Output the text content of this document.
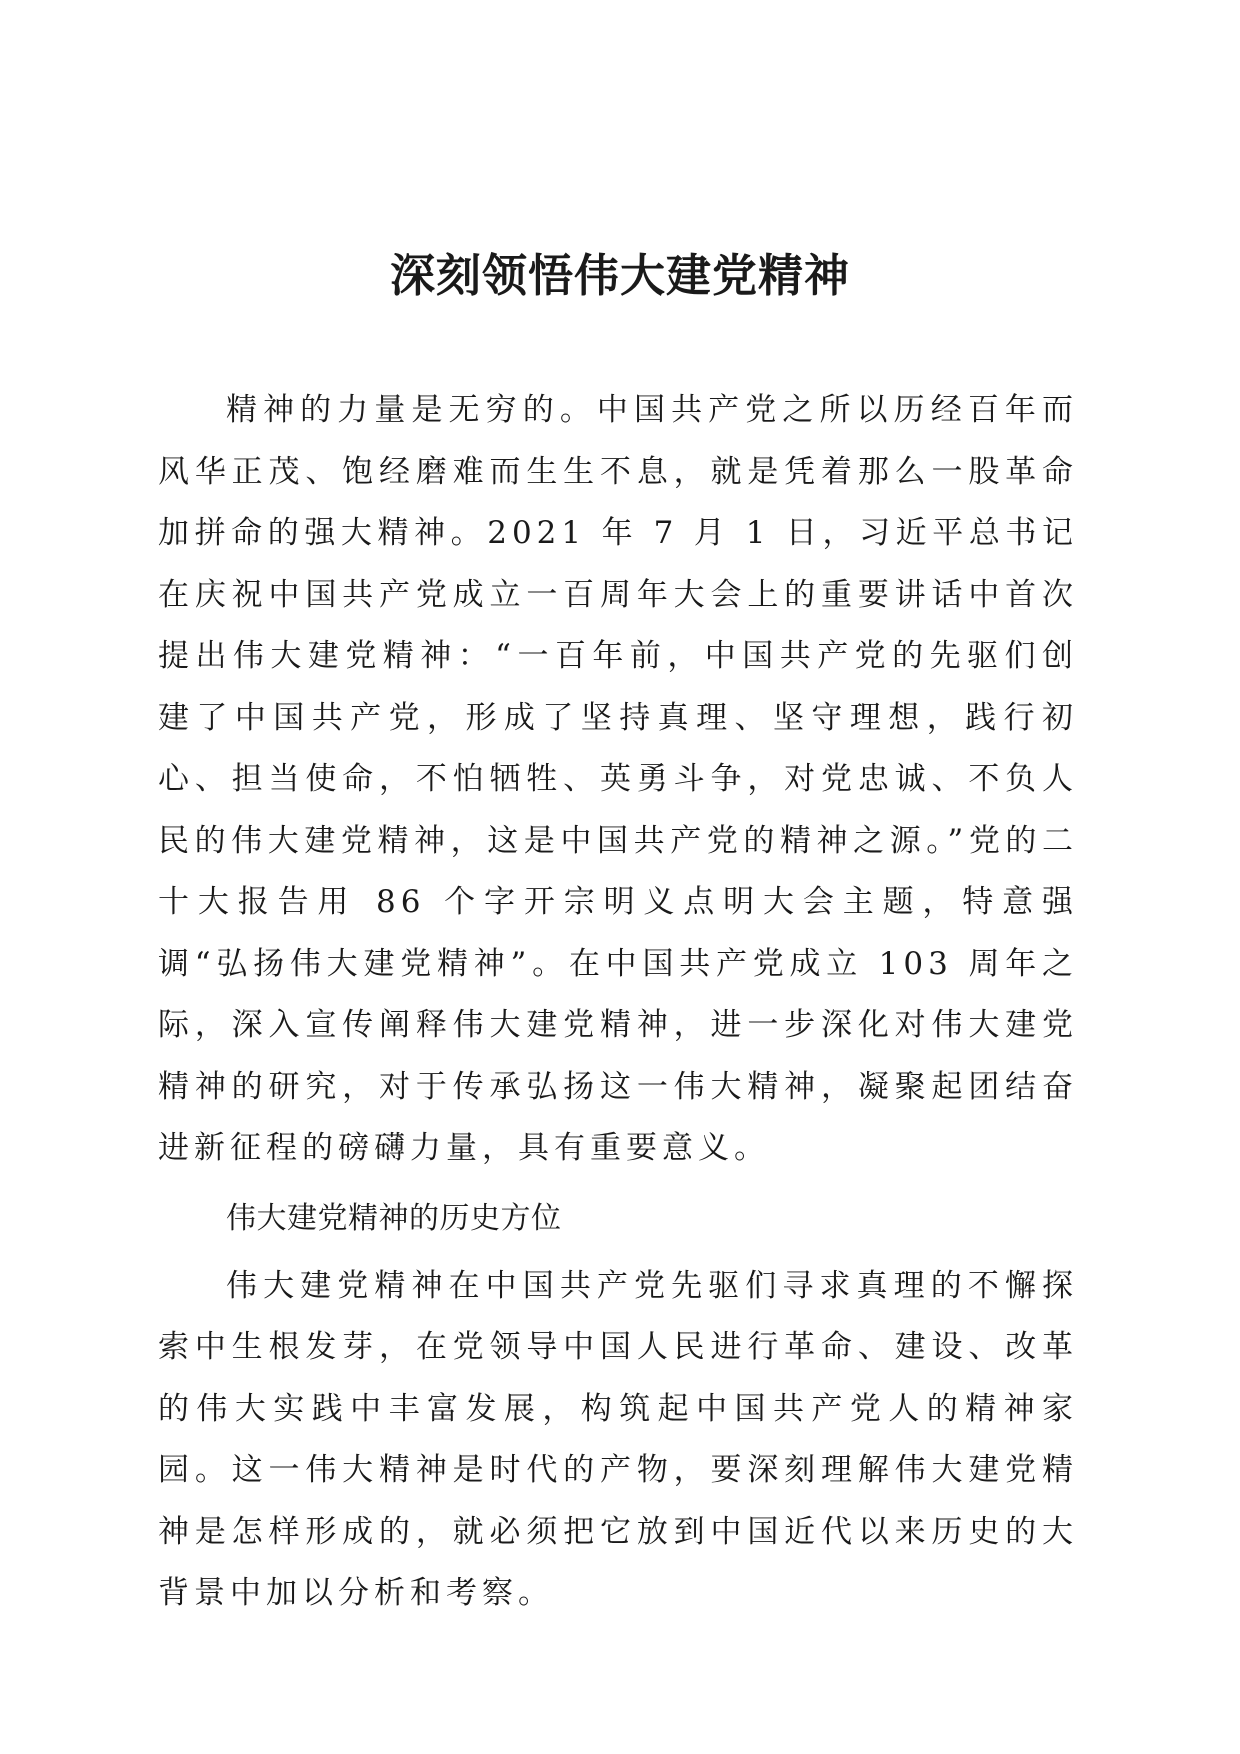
深刻领悟伟大建党精神

精神的力量是无穷的。中国共产党之所以历经百年而风华正茂、饱经磨难而生生不息，就是凭着那么一股革命加拼命的强大精神。2021 年 7 月 1 日，习近平总书记在庆祝中国共产党成立一百周年大会上的重要讲话中首次提出伟大建党精神：“一百年前，中国共产党的先驱们创建了中国共产党，形成了坚持真理、坚守理想，践行初心、担当使命，不怕牺牲、英勇斗争，对党忠诚、不负人民的伟大建党精神，这是中国共产党的精神之源。”党的二十大报告用 86 个字开宗明义点明大会主题，特意强调“弘扬伟大建党精神”。在中国共产党成立 103 周年之际，深入宣传阐释伟大建党精神，进一步深化对伟大建党精神的研究，对于传承弘扬这一伟大精神，凝聚起团结奋进新征程的磅礴力量，具有重要意义。

伟大建党精神的历史方位

伟大建党精神在中国共产党先驱们寻求真理的不懈探索中生根发芽，在党领导中国人民进行革命、建设、改革的伟大实践中丰富发展，构筑起中国共产党人的精神家园。这一伟大精神是时代的产物，要深刻理解伟大建党精神是怎样形成的，就必须把它放到中国近代以来历史的大背景中加以分析和考察。
